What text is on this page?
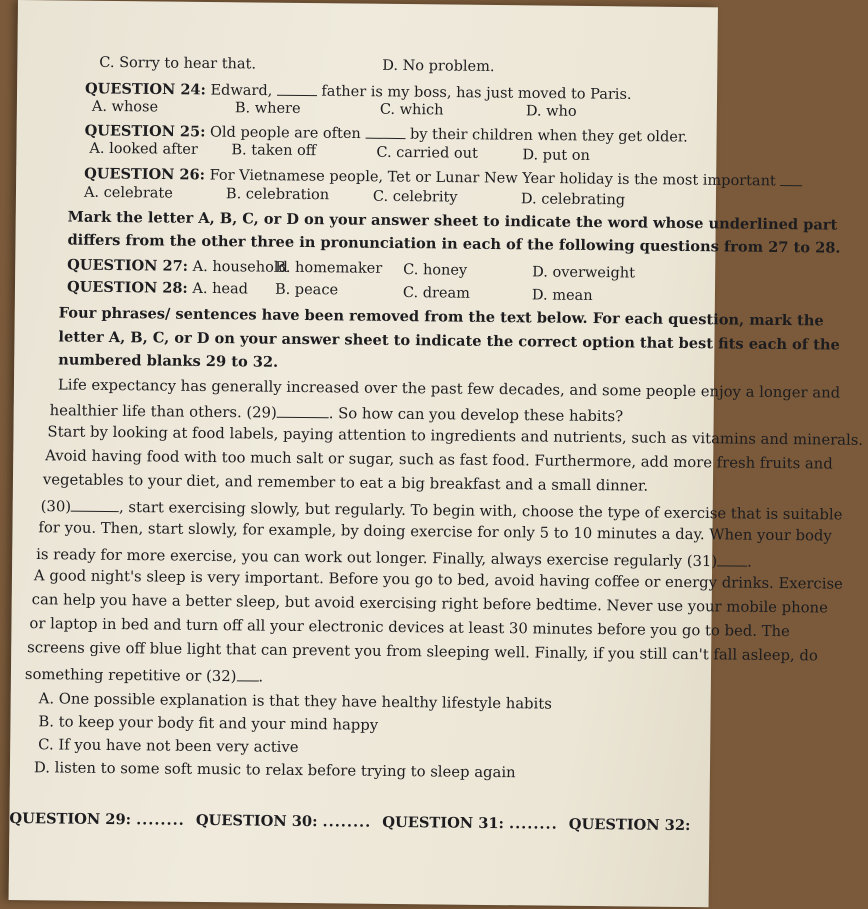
C. Sorry to hear that.	D. No problem.
QUESTION 24: Edward,	father is my boss, has just moved to Paris.
A. whose	B. where	C. which	D. who
QUESTION 25: Old people are often	by their children when they get older.
A. looked after B. taken off	C. carried out	D. put on
QUESTION 26: For Vietnamese people, Tet or Lunar New Year holiday is the most important
A. celebrate	B. celebration	C. celebrity	D. celebrating
Mark the letter A, B, C, or D on your answer sheet to indicate the word whose underlined part
differs from the other three in pronunciation in each of the following questions from 27 to 28.
QUESTION 27: A. household
B. homemaker C. honey	D. overweight
QUESTION 28: A. head B. peace	C. dream	D. mean
Four phrases/ sentences have been removed from the text below. For each question, mark the
letter A, B, C, or D on your answer sheet to indicate the correct option that best fits each of the
numbered blanks 29 to 32.
Life expectancy has generally increased over the past few decades, and some people enjoy a longer and
healthier life than others. (29)	. So how can you develop these habits?
Start by looking at food labels, paying attention to ingredients and nutrients, such as vitamins and minerals.
Avoid having food with too much salt or sugar, such as fast food. Furthermore, add more fresh fruits and
vegetables to your diet, and remember to eat a big breakfast and a small dinner.
(30)	, start exercising slowly, but regularly. To begin with, choose the type of exercise that is suitable
for you. Then, start slowly, for example, by doing exercise for only 5 to 10 minutes a day. When your body
is ready for more exercise, you can work out longer. Finally, always exercise regularly (31) .
A good night's sleep is very important. Before you go to bed, avoid having coffee or energy drinks. Exercise
can help you have a better sleep, but avoid exercising right before bedtime. Never use your mobile phone
or laptop in bed and turn off all your electronic devices at least 30 minutes before you go to bed. The
screens give off blue light that can prevent you from sleeping well. Finally, if you still can't fall asleep, do
something repetitive or (32) .
A. One possible explanation is that they have healthy lifestyle habits
B. to keep your body fit and your mind happy
C. If you have not been very active
D. listen to some soft music to relax before trying to sleep again
QUESTION 29: ........ QUESTION 30: ........ QUESTION 31: ........ QUESTION 32:
